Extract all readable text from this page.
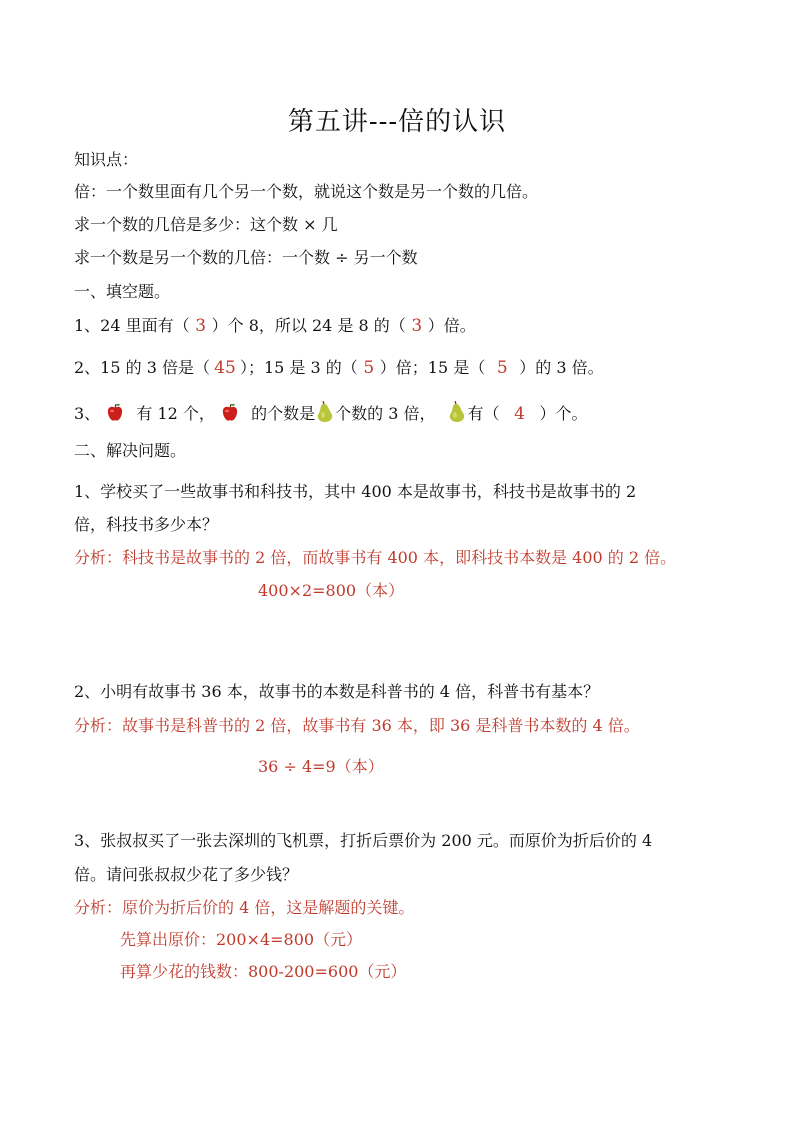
第五讲---倍的认识
知识点：
倍：一个数里面有几个另一个数，就说这个数是另一个数的几倍。
求一个数的几倍是多少：这个数 × 几
求一个数是另一个数的几倍：一个数 ÷ 另一个数
一、填空题。
1、24 里面有（ 3 ）个 8，所以 24 是 8 的（ 3 ）倍。
2、15 的 3 倍是（ 45 ）；15 是 3 的（ 5 ）倍；15 是（ 5 ）的 3 倍。
3、 有 12 个， 的个数是 个数的 3 倍， 有（ 4 ）个。
二、解决问题。
1、学校买了一些故事书和科技书，其中 400 本是故事书，科技书是故事书的 2
倍，科技书多少本？
分析：科技书是故事书的 2 倍，而故事书有 400 本，即科技书本数是 400 的 2 倍。
400×2=800（本）
2、小明有故事书 36 本，故事书的本数是科普书的 4 倍，科普书有基本？
分析：故事书是科普书的 2 倍，故事书有 36 本，即 36 是科普书本数的 4 倍。
36 ÷ 4=9（本）
3、张叔叔买了一张去深圳的飞机票，打折后票价为 200 元。而原价为折后价的 4
倍。请问张叔叔少花了多少钱？
分析：原价为折后价的 4 倍，这是解题的关键。
先算出原价：200×4=800（元）
再算少花的钱数：800-200=600（元）
